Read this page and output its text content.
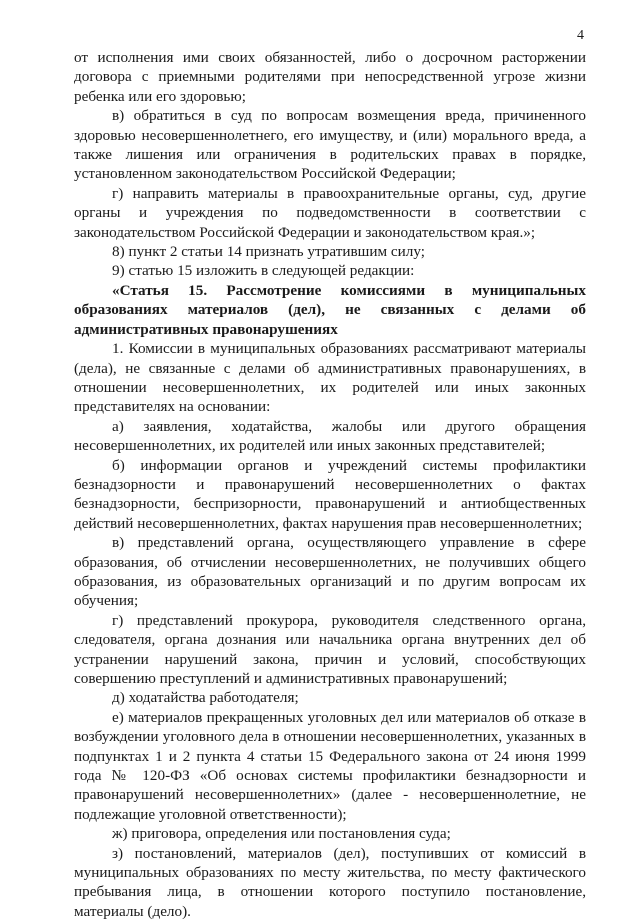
4

от исполнения ими своих обязанностей, либо о досрочном расторжении договора с приемными родителями при непосредственной угрозе жизни ребенка или его здоровью;

в) обратиться в суд по вопросам возмещения вреда, причиненного здоровью несовершеннолетнего, его имуществу, и (или) морального вреда, а также лишения или ограничения в родительских правах в порядке, установленном законодательством Российской Федерации;

г) направить материалы в правоохранительные органы, суд, другие органы и учреждения по подведомственности в соответствии с законодательством Российской Федерации и законодательством края.»;

8) пункт 2 статьи 14 признать утратившим силу;

9) статью 15 изложить в следующей редакции:

«Статья 15. Рассмотрение комиссиями в муниципальных образованиях материалов (дел), не связанных с делами об административных правонарушениях

1. Комиссии в муниципальных образованиях рассматривают материалы (дела), не связанные с делами об административных правонарушениях, в отношении несовершеннолетних, их родителей или иных законных представителях на основании:

а) заявления, ходатайства, жалобы или другого обращения несовершеннолетних, их родителей или иных законных представителей;

б) информации органов и учреждений системы профилактики безнадзорности и правонарушений несовершеннолетних о фактах безнадзорности, беспризорности, правонарушений и антиобщественных действий несовершеннолетних, фактах нарушения прав несовершеннолетних;

в) представлений органа, осуществляющего управление в сфере образования, об отчислении несовершеннолетних, не получивших общего образования, из образовательных организаций и по другим вопросам их обучения;

г) представлений прокурора, руководителя следственного органа, следователя, органа дознания или начальника органа внутренних дел об устранении нарушений закона, причин и условий, способствующих совершению преступлений и административных правонарушений;

д) ходатайства работодателя;

е) материалов прекращенных уголовных дел или материалов об отказе в возбуждении уголовного дела в отношении несовершеннолетних, указанных в подпунктах 1 и 2 пункта 4 статьи 15 Федерального закона от 24 июня 1999 года № 120-ФЗ «Об основах системы профилактики безнадзорности и правонарушений несовершеннолетних» (далее - несовершеннолетние, не подлежащие уголовной ответственности);

ж) приговора, определения или постановления суда;

з) постановлений, материалов (дел), поступивших от комиссий в муниципальных образованиях по месту жительства, по месту фактического пребывания лица, в отношении которого поступило постановление, материалы (дело).
